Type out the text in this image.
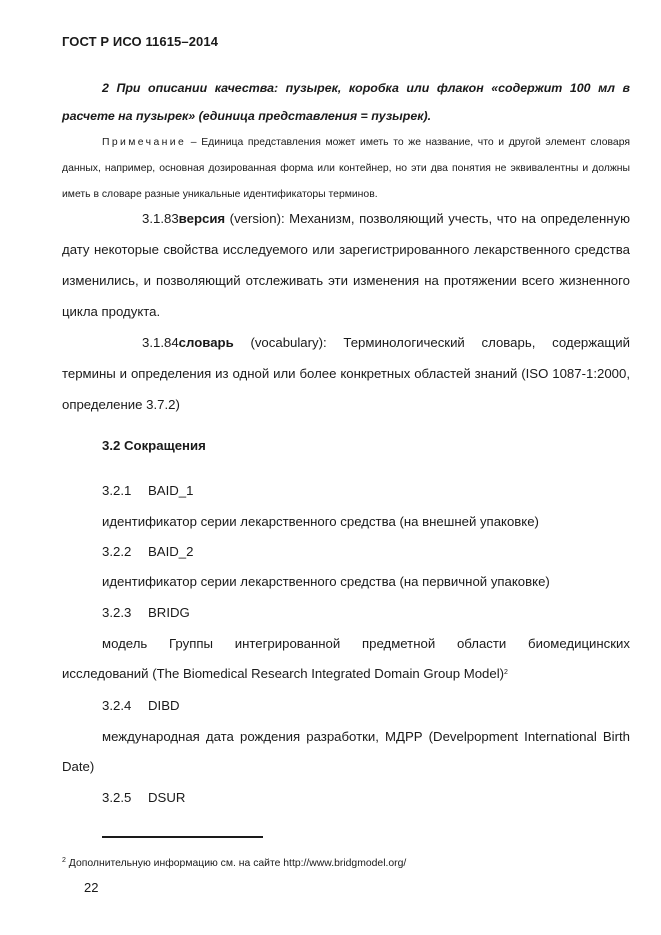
ГОСТ Р ИСО 11615–2014

2 При описании качества: пузырек, коробка или флакон «содержит 100 мл в расчете на пузырек» (единица представления = пузырек).

Примечание – Единица представления может иметь то же название, что и другой элемент словаря данных, например, основная дозированная форма или контейнер, но эти два понятия не эквивалентны и должны иметь в словаре разные уникальные идентификаторы терминов.

3.1.83версия (version): Механизм, позволяющий учесть, что на определенную дату некоторые свойства исследуемого или зарегистрированного лекарственного средства изменились, и позволяющий отслеживать эти изменения на протяжении всего жизненного цикла продукта.

3.1.84словарь (vocabulary): Терминологический словарь, содержащий термины и определения из одной или более конкретных областей знаний (ISO 1087-1:2000, определение 3.7.2)

3.2 Сокращения
3.2.1 BAID_1
идентификатор серии лекарственного средства (на внешней упаковке)
3.2.2 BAID_2
идентификатор серии лекарственного средства (на первичной упаковке)
3.2.3 BRIDG
модель Группы интегрированной предметной области биомедицинских
исследований (The Biomedical Research Integrated Domain Group Model)$^2$
3.2.4 DIBD
международная дата рождения разработки, МДРР (Develpopment International Birth
Date)
3.2.5 DSUR
$^2$ Дополнительную информацию см. на сайте http://www.bridgmodel.org/
22
